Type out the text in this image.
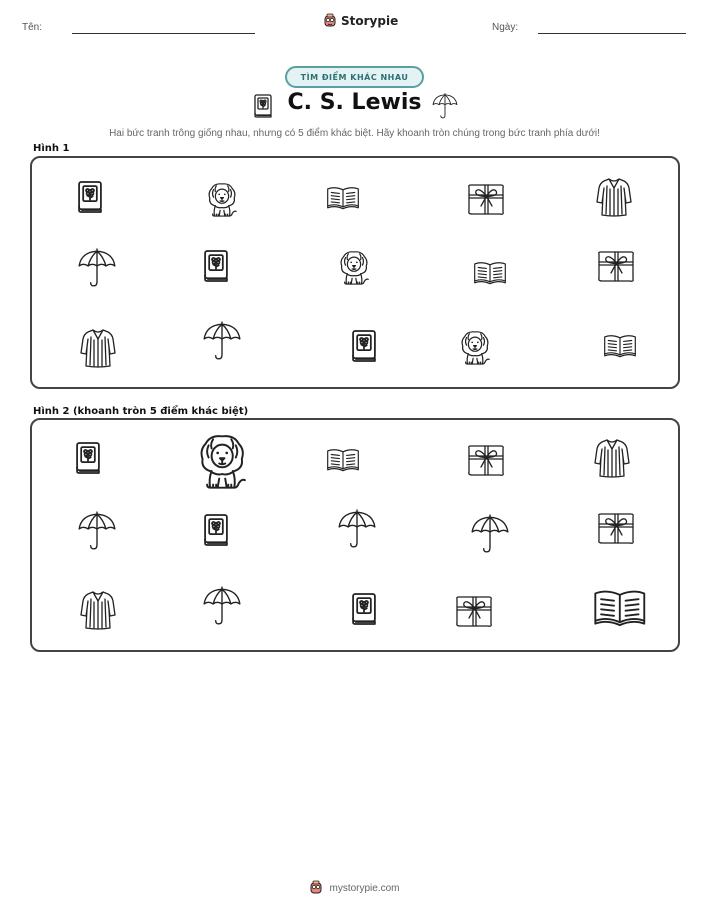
Tên:	Storypie	Ngày:
TÌM ĐIỂM KHÁC NHAU
C. S. Lewis
Hai bức tranh trông giống nhau, nhưng có 5 điểm khác biệt. Hãy khoanh tròn chúng trong bức tranh phía dưới!
Hình 1
Hình 2 (khoanh tròn 5 điểm khác biệt)
mystorypie.com
